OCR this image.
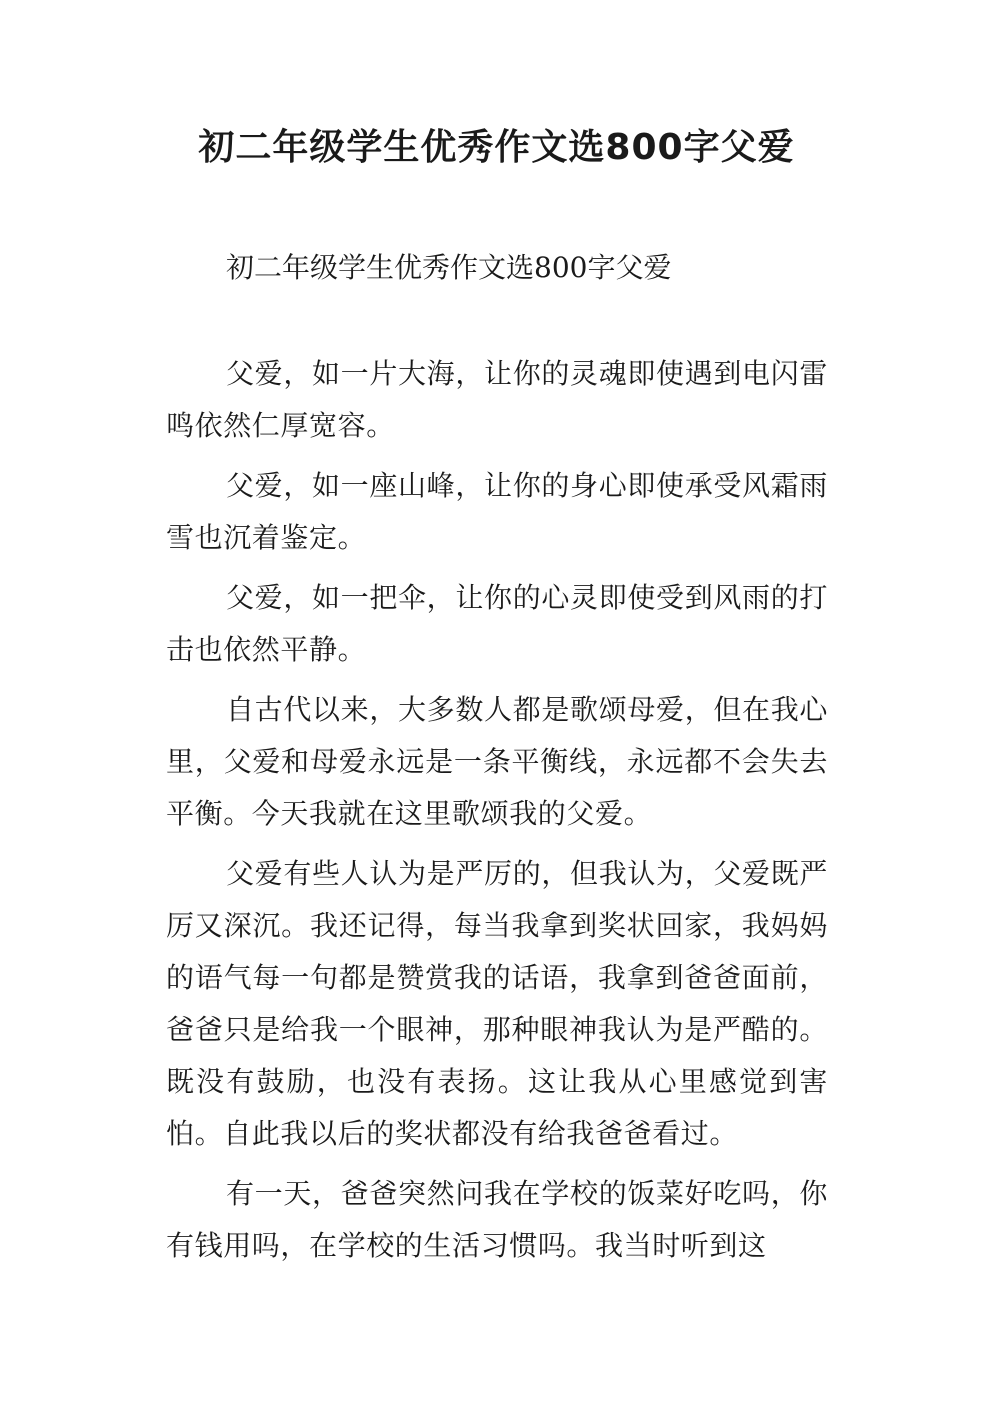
初二年级学生优秀作文选800字父爱

初二年级学生优秀作文选800字父爱

父爱，如一片大海，让你的灵魂即使遇到电闪雷鸣依然仁厚宽容。

父爱，如一座山峰，让你的身心即使承受风霜雨雪也沉着鉴定。

父爱，如一把伞，让你的心灵即使受到风雨的打击也依然平静。

自古代以来，大多数人都是歌颂母爱，但在我心里，父爱和母爱永远是一条平衡线，永远都不会失去平衡。今天我就在这里歌颂我的父爱。

父爱有些人认为是严厉的，但我认为，父爱既严厉又深沉。我还记得，每当我拿到奖状回家，我妈妈的语气每一句都是赞赏我的话语，我拿到爸爸面前，爸爸只是给我一个眼神，那种眼神我认为是严酷的。既没有鼓励，也没有表扬。这让我从心里感觉到害怕。自此我以后的奖状都没有给我爸爸看过。

有一天，爸爸突然问我在学校的饭菜好吃吗，你有钱用吗，在学校的生活习惯吗。我当时听到这
